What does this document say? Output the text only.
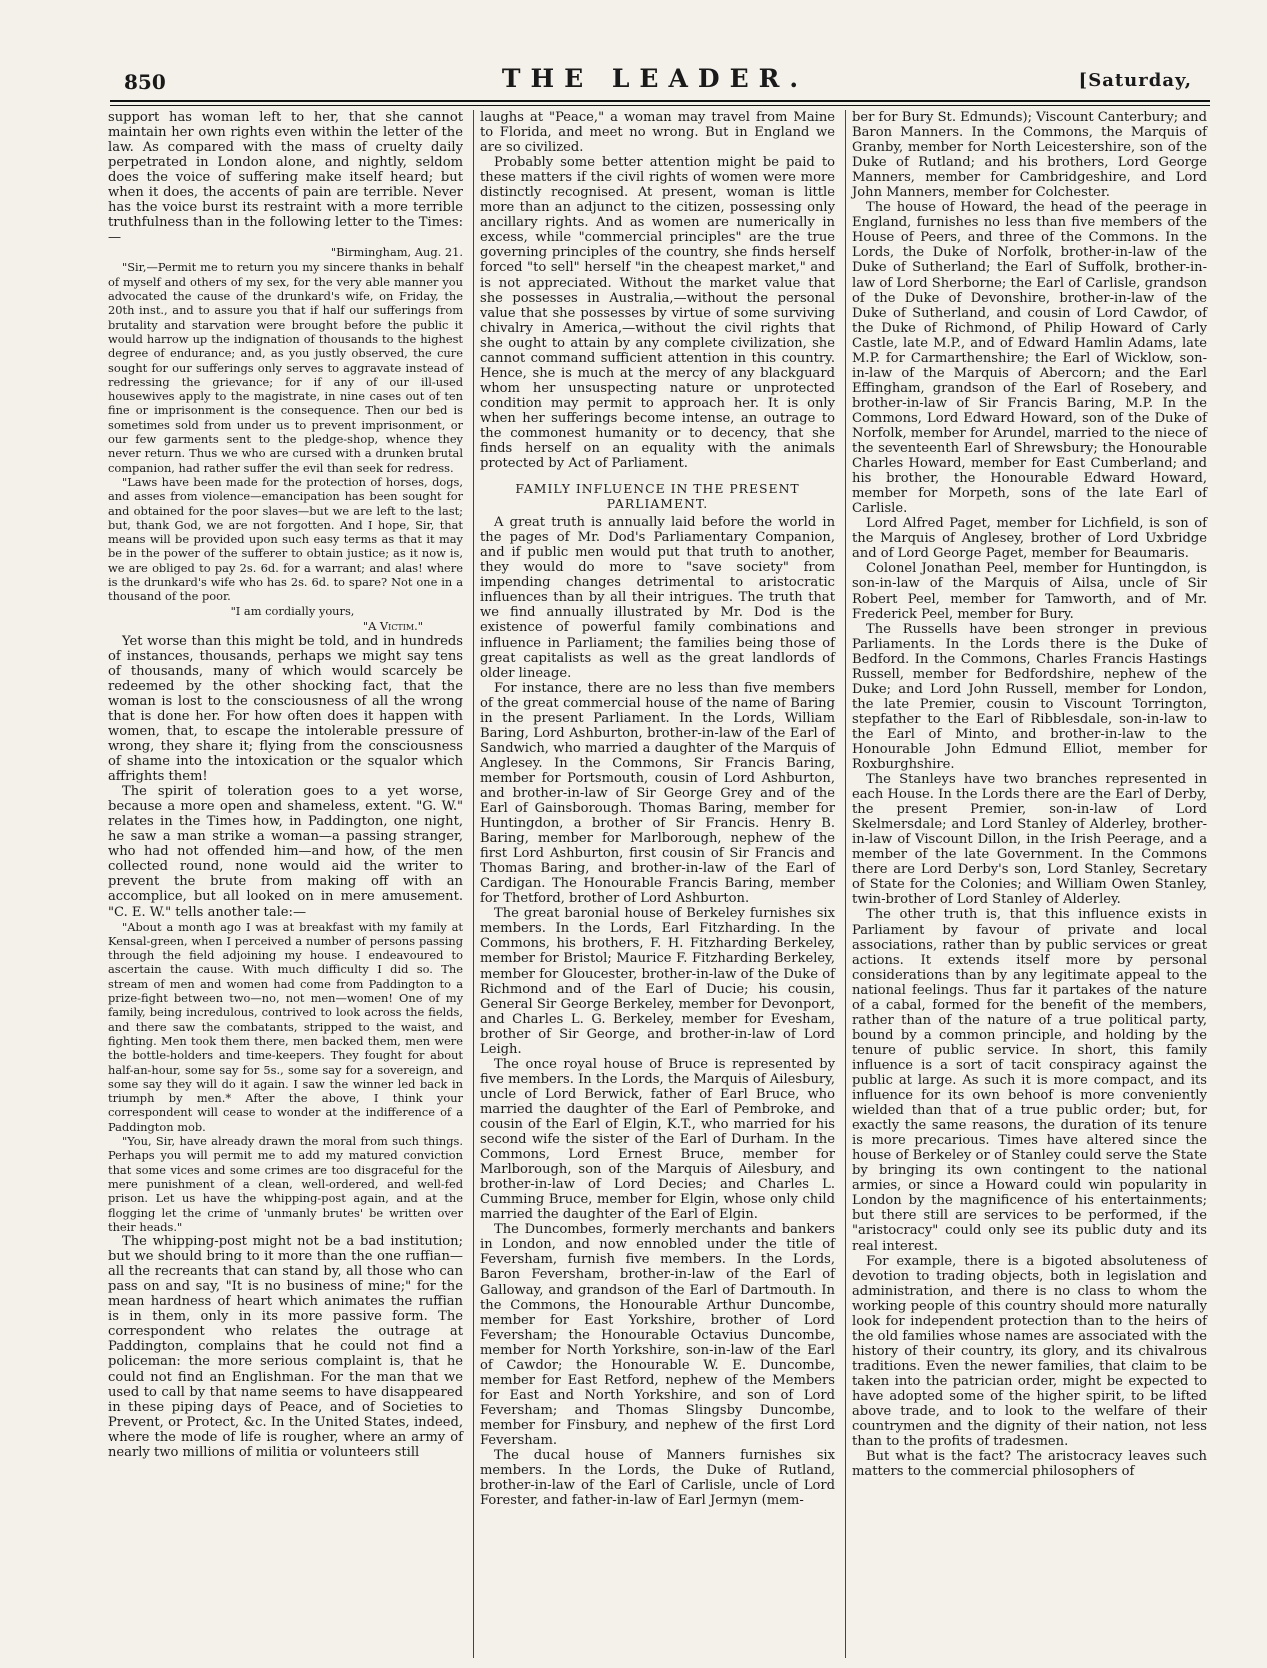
850	THE LEADER.	[Saturday,

support has woman left to her, that she cannot maintain her own rights even within the letter of the law. As compared with the mass of cruelty daily perpetrated in London alone, and nightly, seldom does the voice of suffering make itself heard; but when it does, the accents of pain are terrible. Never has the voice burst its restraint with a more terrible truthfulness than in the following letter to the Times:—

"Birmingham, Aug. 21.

"Sir,—Permit me to return you my sincere thanks in behalf of myself and others of my sex, for the very able manner you advocated the cause of the drunkard's wife, on Friday, the 20th inst., and to assure you that if half our sufferings from brutality and starvation were brought before the public it would harrow up the indignation of thousands to the highest degree of endurance; and, as you justly observed, the cure sought for our sufferings only serves to aggravate instead of redressing the grievance; for if any of our ill-used housewives apply to the magistrate, in nine cases out of ten fine or imprisonment is the consequence. Then our bed is sometimes sold from under us to prevent imprisonment, or our few garments sent to the pledge-shop, whence they never return. Thus we who are cursed with a drunken brutal companion, had rather suffer the evil than seek for redress.

"Laws have been made for the protection of horses, dogs, and asses from violence—emancipation has been sought for and obtained for the poor slaves—but we are left to the last; but, thank God, we are not forgotten. And I hope, Sir, that means will be provided upon such easy terms as that it may be in the power of the sufferer to obtain justice; as it now is, we are obliged to pay 2s. 6d. for a warrant; and alas! where is the drunkard's wife who has 2s. 6d. to spare? Not one in a thousand of the poor.

"I am cordially yours,

"A Victim."

Yet worse than this might be told, and in hundreds of instances, thousands, perhaps we might say tens of thousands, many of which would scarcely be redeemed by the other shocking fact, that the woman is lost to the consciousness of all the wrong that is done her. For how often does it happen with women, that, to escape the intolerable pressure of wrong, they share it; flying from the consciousness of shame into the intoxication or the squalor which affrights them!

The spirit of toleration goes to a yet worse, because a more open and shameless, extent. "G. W." relates in the Times how, in Paddington, one night, he saw a man strike a woman—a passing stranger, who had not offended him—and how, of the men collected round, none would aid the writer to prevent the brute from making off with an accomplice, but all looked on in mere amusement. "C. E. W." tells another tale:—

"About a month ago I was at breakfast with my family at Kensal-green, when I perceived a number of persons passing through the field adjoining my house. I endeavoured to ascertain the cause. With much difficulty I did so. The stream of men and women had come from Paddington to a prize-fight between two—no, not men—women! One of my family, being incredulous, contrived to look across the fields, and there saw the combatants, stripped to the waist, and fighting. Men took them there, men backed them, men were the bottle-holders and time-keepers. They fought for about half-an-hour, some say for 5s., some say for a sovereign, and some say they will do it again. I saw the winner led back in triumph by men.* After the above, I think your correspondent will cease to wonder at the indifference of a Paddington mob.

"You, Sir, have already drawn the moral from such things. Perhaps you will permit me to add my matured conviction that some vices and some crimes are too disgraceful for the mere punishment of a clean, well-ordered, and well-fed prison. Let us have the whipping-post again, and at the flogging let the crime of 'unmanly brutes' be written over their heads."

The whipping-post might not be a bad institution; but we should bring to it more than the one ruffian—all the recreants that can stand by, all those who can pass on and say, "It is no business of mine;" for the mean hardness of heart which animates the ruffian is in them, only in its more passive form. The correspondent who relates the outrage at Paddington, complains that he could not find a policeman: the more serious complaint is, that he could not find an Englishman. For the man that we used to call by that name seems to have disappeared in these piping days of Peace, and of Societies to Prevent, or Protect, &c. In the United States, indeed, where the mode of life is rougher, where an army of nearly two millions of militia or volunteers still

laughs at "Peace," a woman may travel from Maine to Florida, and meet no wrong. But in England we are so civilized.

Probably some better attention might be paid to these matters if the civil rights of women were more distinctly recognised. At present, woman is little more than an adjunct to the citizen, possessing only ancillary rights. And as women are numerically in excess, while "commercial principles" are the true governing principles of the country, she finds herself forced "to sell" herself "in the cheapest market," and is not appreciated. Without the market value that she possesses in Australia,—without the personal value that she possesses by virtue of some surviving chivalry in America,—without the civil rights that she ought to attain by any complete civilization, she cannot command sufficient attention in this country. Hence, she is much at the mercy of any blackguard whom her unsuspecting nature or unprotected condition may permit to approach her. It is only when her sufferings become intense, an outrage to the commonest humanity or to decency, that she finds herself on an equality with the animals protected by Act of Parliament.

FAMILY INFLUENCE IN THE PRESENT PARLIAMENT.

A great truth is annually laid before the world in the pages of Mr. Dod's Parliamentary Companion, and if public men would put that truth to another, they would do more to "save society" from impending changes detrimental to aristocratic influences than by all their intrigues. The truth that we find annually illustrated by Mr. Dod is the existence of powerful family combinations and influence in Parliament; the families being those of great capitalists as well as the great landlords of older lineage.

For instance, there are no less than five members of the great commercial house of the name of Baring in the present Parliament. In the Lords, William Baring, Lord Ashburton, brother-in-law of the Earl of Sandwich, who married a daughter of the Marquis of Anglesey. In the Commons, Sir Francis Baring, member for Portsmouth, cousin of Lord Ashburton, and brother-in-law of Sir George Grey and of the Earl of Gainsborough. Thomas Baring, member for Huntingdon, a brother of Sir Francis. Henry B. Baring, member for Marlborough, nephew of the first Lord Ashburton, first cousin of Sir Francis and Thomas Baring, and brother-in-law of the Earl of Cardigan. The Honourable Francis Baring, member for Thetford, brother of Lord Ashburton.

The great baronial house of Berkeley furnishes six members. In the Lords, Earl Fitzharding. In the Commons, his brothers, F. H. Fitzharding Berkeley, member for Bristol; Maurice F. Fitzharding Berkeley, member for Gloucester, brother-in-law of the Duke of Richmond and of the Earl of Ducie; his cousin, General Sir George Berkeley, member for Devonport, and Charles L. G. Berkeley, member for Evesham, brother of Sir George, and brother-in-law of Lord Leigh.

The once royal house of Bruce is represented by five members. In the Lords, the Marquis of Ailesbury, uncle of Lord Berwick, father of Earl Bruce, who married the daughter of the Earl of Pembroke, and cousin of the Earl of Elgin, K.T., who married for his second wife the sister of the Earl of Durham. In the Commons, Lord Ernest Bruce, member for Marlborough, son of the Marquis of Ailesbury, and brother-in-law of Lord Decies; and Charles L. Cumming Bruce, member for Elgin, whose only child married the daughter of the Earl of Elgin.

The Duncombes, formerly merchants and bankers in London, and now ennobled under the title of Feversham, furnish five members. In the Lords, Baron Feversham, brother-in-law of the Earl of Galloway, and grandson of the Earl of Dartmouth. In the Commons, the Honourable Arthur Duncombe, member for East Yorkshire, brother of Lord Feversham; the Honourable Octavius Duncombe, member for North Yorkshire, son-in-law of the Earl of Cawdor; the Honourable W. E. Duncombe, member for East Retford, nephew of the Members for East and North Yorkshire, and son of Lord Feversham; and Thomas Slingsby Duncombe, member for Finsbury, and nephew of the first Lord Feversham.

The ducal house of Manners furnishes six members. In the Lords, the Duke of Rutland, brother-in-law of the Earl of Carlisle, uncle of Lord Forester, and father-in-law of Earl Jermyn (mem-

ber for Bury St. Edmunds); Viscount Canterbury; and Baron Manners. In the Commons, the Marquis of Granby, member for North Leicestershire, son of the Duke of Rutland; and his brothers, Lord George Manners, member for Cambridgeshire, and Lord John Manners, member for Colchester.

The house of Howard, the head of the peerage in England, furnishes no less than five members of the House of Peers, and three of the Commons. In the Lords, the Duke of Norfolk, brother-in-law of the Duke of Sutherland; the Earl of Suffolk, brother-in-law of Lord Sherborne; the Earl of Carlisle, grandson of the Duke of Devonshire, brother-in-law of the Duke of Sutherland, and cousin of Lord Cawdor, of the Duke of Richmond, of Philip Howard of Carly Castle, late M.P., and of Edward Hamlin Adams, late M.P. for Carmarthenshire; the Earl of Wicklow, son-in-law of the Marquis of Abercorn; and the Earl Effingham, grandson of the Earl of Rosebery, and brother-in-law of Sir Francis Baring, M.P. In the Commons, Lord Edward Howard, son of the Duke of Norfolk, member for Arundel, married to the niece of the seventeenth Earl of Shrewsbury; the Honourable Charles Howard, member for East Cumberland; and his brother, the Honourable Edward Howard, member for Morpeth, sons of the late Earl of Carlisle.

Lord Alfred Paget, member for Lichfield, is son of the Marquis of Anglesey, brother of Lord Uxbridge and of Lord George Paget, member for Beaumaris.

Colonel Jonathan Peel, member for Huntingdon, is son-in-law of the Marquis of Ailsa, uncle of Sir Robert Peel, member for Tamworth, and of Mr. Frederick Peel, member for Bury.

The Russells have been stronger in previous Parliaments. In the Lords there is the Duke of Bedford. In the Commons, Charles Francis Hastings Russell, member for Bedfordshire, nephew of the Duke; and Lord John Russell, member for London, the late Premier, cousin to Viscount Torrington, stepfather to the Earl of Ribblesdale, son-in-law to the Earl of Minto, and brother-in-law to the Honourable John Edmund Elliot, member for Roxburghshire.

The Stanleys have two branches represented in each House. In the Lords there are the Earl of Derby, the present Premier, son-in-law of Lord Skelmersdale; and Lord Stanley of Alderley, brother-in-law of Viscount Dillon, in the Irish Peerage, and a member of the late Government. In the Commons there are Lord Derby's son, Lord Stanley, Secretary of State for the Colonies; and William Owen Stanley, twin-brother of Lord Stanley of Alderley.

The other truth is, that this influence exists in Parliament by favour of private and local associations, rather than by public services or great actions. It extends itself more by personal considerations than by any legitimate appeal to the national feelings. Thus far it partakes of the nature of a cabal, formed for the benefit of the members, rather than of the nature of a true political party, bound by a common principle, and holding by the tenure of public service. In short, this family influence is a sort of tacit conspiracy against the public at large. As such it is more compact, and its influence for its own behoof is more conveniently wielded than that of a true public order; but, for exactly the same reasons, the duration of its tenure is more precarious. Times have altered since the house of Berkeley or of Stanley could serve the State by bringing its own contingent to the national armies, or since a Howard could win popularity in London by the magnificence of his entertainments; but there still are services to be performed, if the "aristocracy" could only see its public duty and its real interest.

For example, there is a bigoted absoluteness of devotion to trading objects, both in legislation and administration, and there is no class to whom the working people of this country should more naturally look for independent protection than to the heirs of the old families whose names are associated with the history of their country, its glory, and its chivalrous traditions. Even the newer families, that claim to be taken into the patrician order, might be expected to have adopted some of the higher spirit, to be lifted above trade, and to look to the welfare of their countrymen and the dignity of their nation, not less than to the profits of tradesmen.

But what is the fact? The aristocracy leaves such matters to the commercial philosophers of
